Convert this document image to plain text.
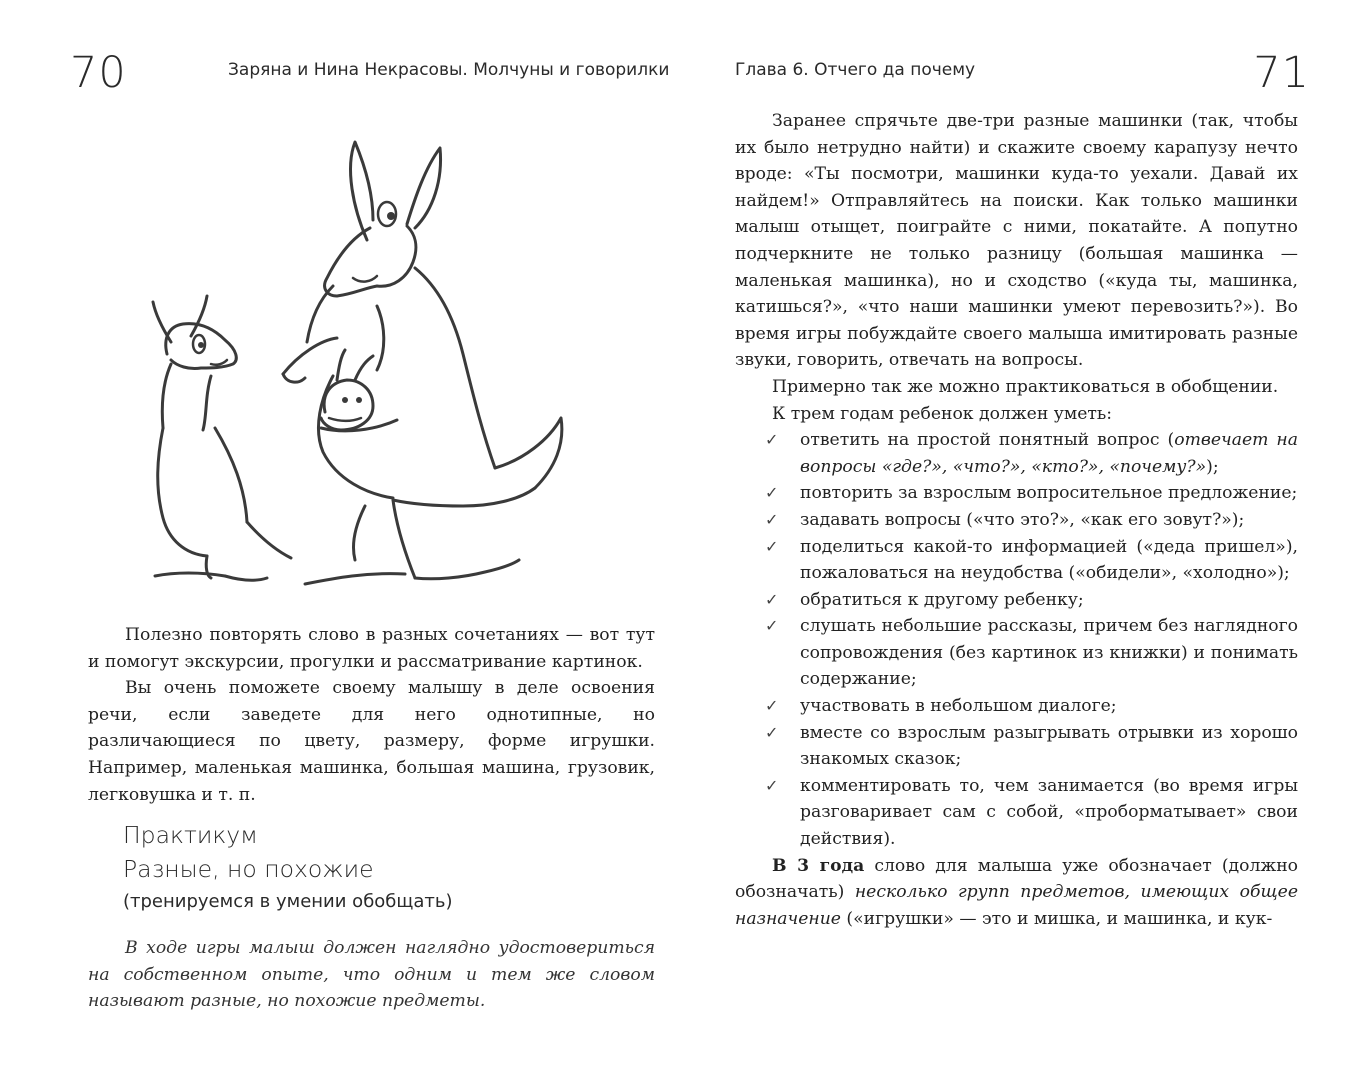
70	Заряна и Нина Некрасовы. Молчуны и говорилки

Полезно повторять слово в разных сочетаниях — вот тут и помогут экскурсии, прогулки и рассматривание картинок.

Вы очень поможете своему малышу в деле освоения речи, если заведете для него однотипные, но различающиеся по цвету, размеру, форме игрушки. Например, маленькая машинка, большая машина, грузовик, легковушка и т. п.

Практикум
Разные, но похожие
(тренируемся в умении обобщать)

В ходе игры малыш должен наглядно удостовериться на собственном опыте, что одним и тем же словом называют разные, но похожие предметы.

Глава 6. Отчего да почему	71

Заранее спрячьте две-три разные машинки (так, чтобы их было нетрудно найти) и скажите своему карапузу нечто вроде: «Ты посмотри, машинки куда-то уехали. Давай их найдем!» Отправляйтесь на поиски. Как только машинки малыш отыщет, поиграйте с ними, покатайте. А попутно подчеркните не только разницу (большая машинка — маленькая машинка), но и сходство («куда ты, машинка, катишься?», «что наши машинки умеют перевозить?»). Во время игры побуждайте своего малыша имитировать разные звуки, говорить, отвечать на вопросы.

Примерно так же можно практиковаться в обобщении.

К трем годам ребенок должен уметь:

✓ ответить на простой понятный вопрос (отвечает на вопросы «где?», «что?», «кто?», «почему?»);
✓ повторить за взрослым вопросительное предложение;
✓ задавать вопросы («что это?», «как его зовут?»);
✓ поделиться какой-то информацией («деда пришел»), пожаловаться на неудобства («обидели», «холодно»);
✓ обратиться к другому ребенку;
✓ слушать небольшие рассказы, причем без наглядного сопровождения (без картинок из книжки) и понимать содержание;
✓ участвовать в небольшом диалоге;
✓ вместе со взрослым разыгрывать отрывки из хорошо знакомых сказок;
✓ комментировать то, чем занимается (во время игры разговаривает сам с собой, «проборматывает» свои действия).

В 3 года слово для малыша уже обозначает (должно обозначать) несколько групп предметов, имеющих общее назначение («игрушки» — это и мишка, и машинка, и кук-
